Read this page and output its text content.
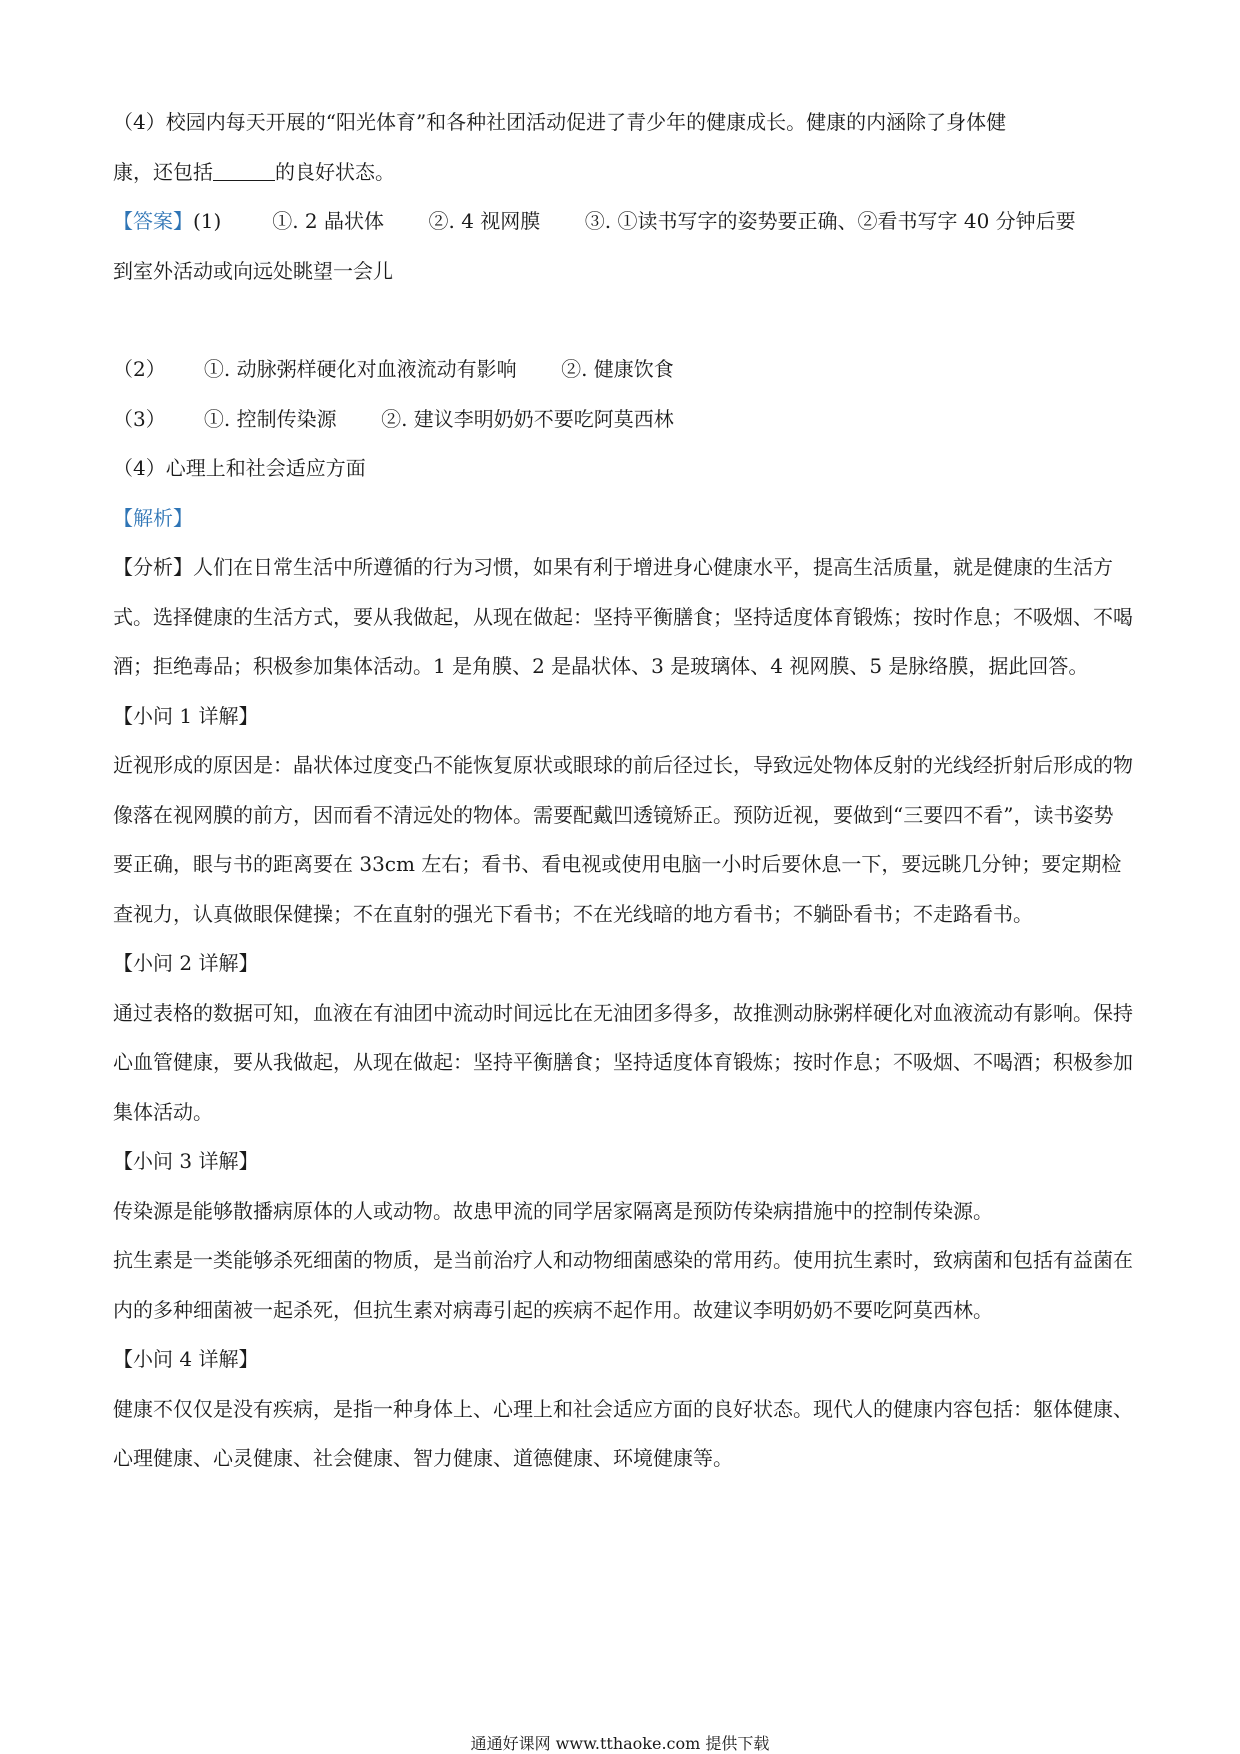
（4）校园内每天开展的“阳光体育”和各种社团活动促进了青少年的健康成长。健康的内涵除了身体健

康，还包括	的良好状态。

【答案】(1)        ①. 2 晶状体       ②. 4 视网膜       ③. ①读书写字的姿势要正确、②看书写字 40 分钟后要

到室外活动或向远处眺望一会儿

（2）      ①. 动脉粥样硬化对血液流动有影响       ②. 健康饮食

（3）      ①. 控制传染源       ②. 建议李明奶奶不要吃阿莫西林

（4）心理上和社会适应方面

【解析】

【分析】人们在日常生活中所遵循的行为习惯，如果有利于增进身心健康水平，提高生活质量，就是健康的生活方式。选择健康的生活方式，要从我做起，从现在做起：坚持平衡膳食；坚持适度体育锻炼；按时作息；不吸烟、不喝酒；拒绝毒品；积极参加集体活动。1 是角膜、2 是晶状体、3 是玻璃体、4 视网膜、5 是脉络膜，据此回答。

【小问 1 详解】

近视形成的原因是：晶状体过度变凸不能恢复原状或眼球的前后径过长，导致远处物体反射的光线经折射后形成的物像落在视网膜的前方，因而看不清远处的物体。需要配戴凹透镜矫正。预防近视，要做到“三要四不看”，读书姿势要正确，眼与书的距离要在 33cm 左右；看书、看电视或使用电脑一小时后要休息一下，要远眺几分钟；要定期检查视力，认真做眼保健操；不在直射的强光下看书；不在光线暗的地方看书；不躺卧看书；不走路看书。

【小问 2 详解】

通过表格的数据可知，血液在有油团中流动时间远比在无油团多得多，故推测动脉粥样硬化对血液流动有影响。保持心血管健康，要从我做起，从现在做起：坚持平衡膳食；坚持适度体育锻炼；按时作息；不吸烟、不喝酒；积极参加集体活动。

【小问 3 详解】

传染源是能够散播病原体的人或动物。故患甲流的同学居家隔离是预防传染病措施中的控制传染源。

抗生素是一类能够杀死细菌的物质，是当前治疗人和动物细菌感染的常用药。使用抗生素时，致病菌和包括有益菌在内的多种细菌被一起杀死，但抗生素对病毒引起的疾病不起作用。故建议李明奶奶不要吃阿莫西林。

【小问 4 详解】

健康不仅仅是没有疾病，是指一种身体上、心理上和社会适应方面的良好状态。现代人的健康内容包括：躯体健康、心理健康、心灵健康、社会健康、智力健康、道德健康、环境健康等。

通通好课网 www.tthaoke.com 提供下载
